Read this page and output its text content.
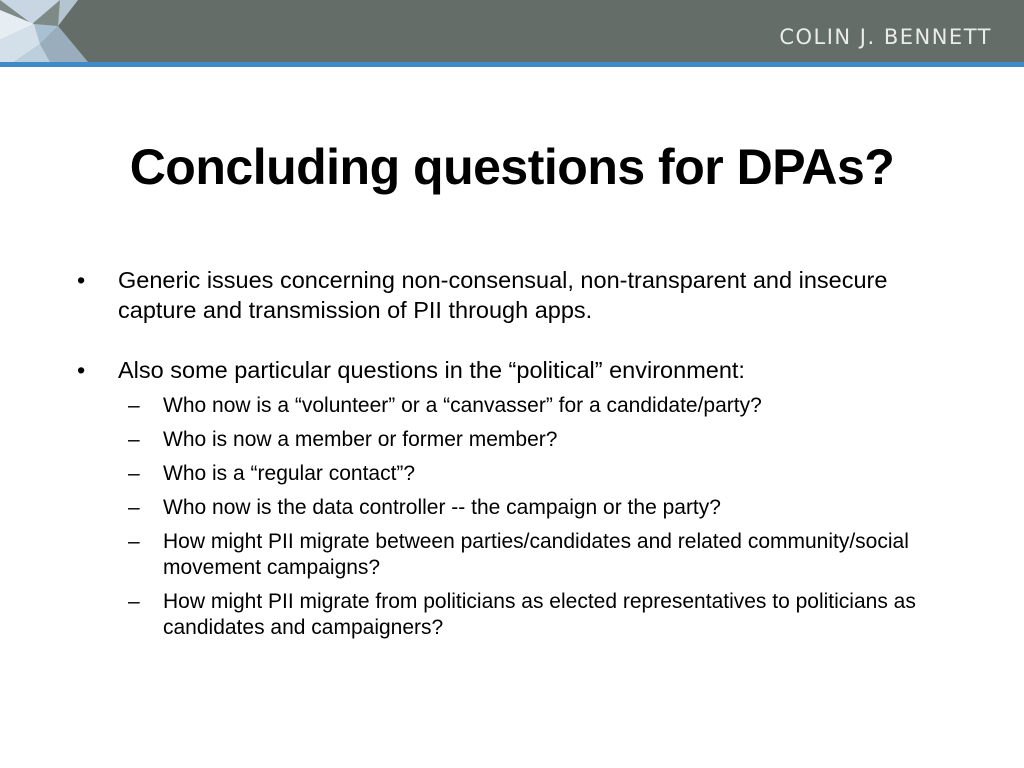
COLIN J. BENNETT
Concluding questions for DPAs?
• Generic issues concerning non-consensual, non-transparent and insecure capture and transmission of PII through apps.
• Also some particular questions in the “political” environment:
– Who now is a “volunteer” or a “canvasser” for a candidate/party?
– Who is now a member or former member?
– Who is a “regular contact”?
– Who now is the data controller -- the campaign or the party?
– How might PII migrate between parties/candidates and related community/social movement campaigns?
– How might PII migrate from politicians as elected representatives to politicians as candidates and campaigners?
